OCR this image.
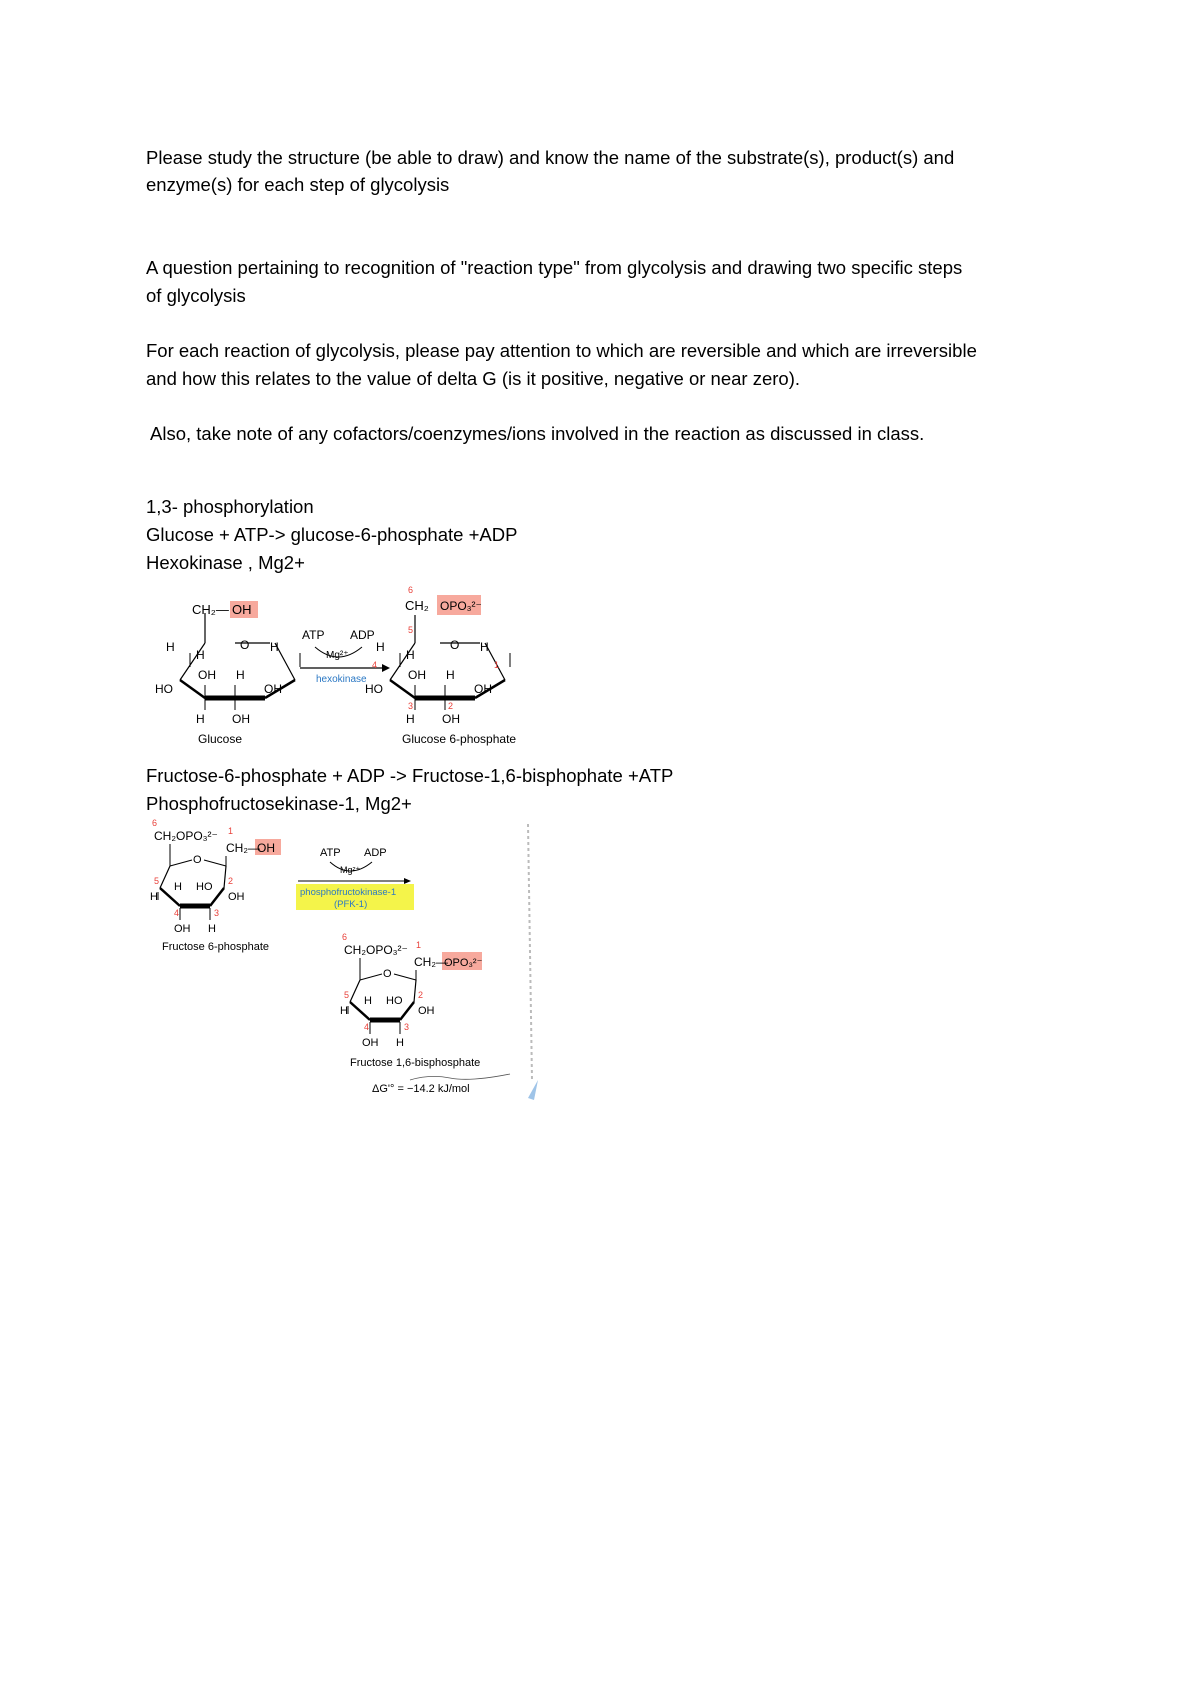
Please study the structure (be able to draw) and know the name of the substrate(s), product(s) and
enzyme(s) for each step of glycolysis
A question pertaining to recognition of "reaction type" from glycolysis and drawing two specific steps
of glycolysis
For each reaction of glycolysis, please pay attention to which are reversible and which are irreversible
and how this relates to the value of delta G (is it positive, negative or near zero).
Also, take note of any cofactors/coenzymes/ions involved in the reaction as discussed in class.
1,3- phosphorylation
Glucose + ATP-> glucose-6-phosphate +ADP
Hexokinase , Mg2+
CH₂— OH
O
H
H
H
HO
OH H
OH
H OH
Glucose
ATP ADP
Mg²⁺
hexokinase
6
CH₂ OPO₃²⁻
5
O
H
H
H
4	1
HO
OH H
OH
3	2
H OH
Glucose 6-phosphate
Fructose-6-phosphate + ADP -> Fructose-1,6-bisphophate +ATP
Phosphofructosekinase-1, Mg2+
6
CH₂OPO₃²⁻ 1
CH₂—
OH
O
5 H HO 2
OH
H
4	3
OH H
Fructose 6-phosphate
ATP ADP
Mg²⁺
phosphofructokinase-1
(PFK-1)
6
CH₂OPO₃²⁻ 1
CH₂—
OPO₃²⁻
O
5 H HO 2
OH
H
4	3
OH H
Fructose 1,6-bisphosphate
ΔG'° = −14.2 kJ/mol
